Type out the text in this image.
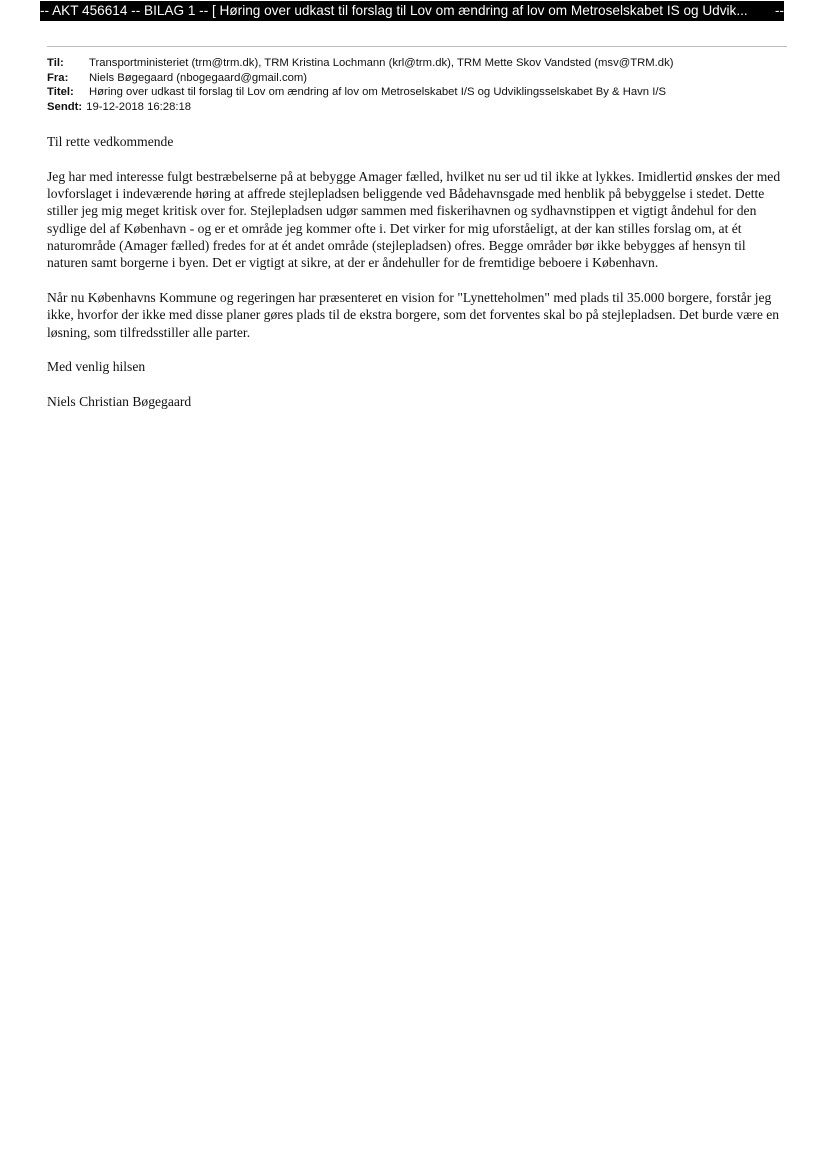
-- AKT 456614 -- BILAG 1 -- [ Høring over udkast til forslag til Lov om ændring af lov om Metroselskabet IS og Udvik...	--
Til:	Transportministeriet (trm@trm.dk), TRM Kristina Lochmann (krl@trm.dk), TRM Mette Skov Vandsted (msv@TRM.dk)
Fra:	Niels Bøgegaard (nbogegaard@gmail.com)
Titel:	Høring over udkast til forslag til Lov om ændring af lov om Metroselskabet I/S og Udviklingsselskabet By & Havn I/S
Sendt: 19-12-2018 16:28:18

Til rette vedkommende

Jeg har med interesse fulgt bestræbelserne på at bebygge Amager fælled, hvilket nu ser ud til ikke at lykkes. Imidlertid ønskes der med lovforslaget i indeværende høring at affrede stejlepladsen beliggende ved Bådehavnsgade med henblik på bebyggelse i stedet. Dette stiller jeg mig meget kritisk over for. Stejlepladsen udgør sammen med fiskerihavnen og sydhavnstippen et vigtigt åndehul for den sydlige del af København - og er et område jeg kommer ofte i. Det virker for mig uforståeligt, at der kan stilles forslag om, at ét naturområde (Amager fælled) fredes for at ét andet område (stejlepladsen) ofres. Begge områder bør ikke bebygges af hensyn til naturen samt borgerne i byen. Det er vigtigt at sikre, at der er åndehuller for de fremtidige beboere i København.

Når nu Københavns Kommune og regeringen har præsenteret en vision for "Lynetteholmen" med plads til 35.000 borgere, forstår jeg ikke, hvorfor der ikke med disse planer gøres plads til de ekstra borgere, som det forventes skal bo på stejlepladsen. Det burde være en løsning, som tilfredsstiller alle parter.

Med venlig hilsen

Niels Christian Bøgegaard
